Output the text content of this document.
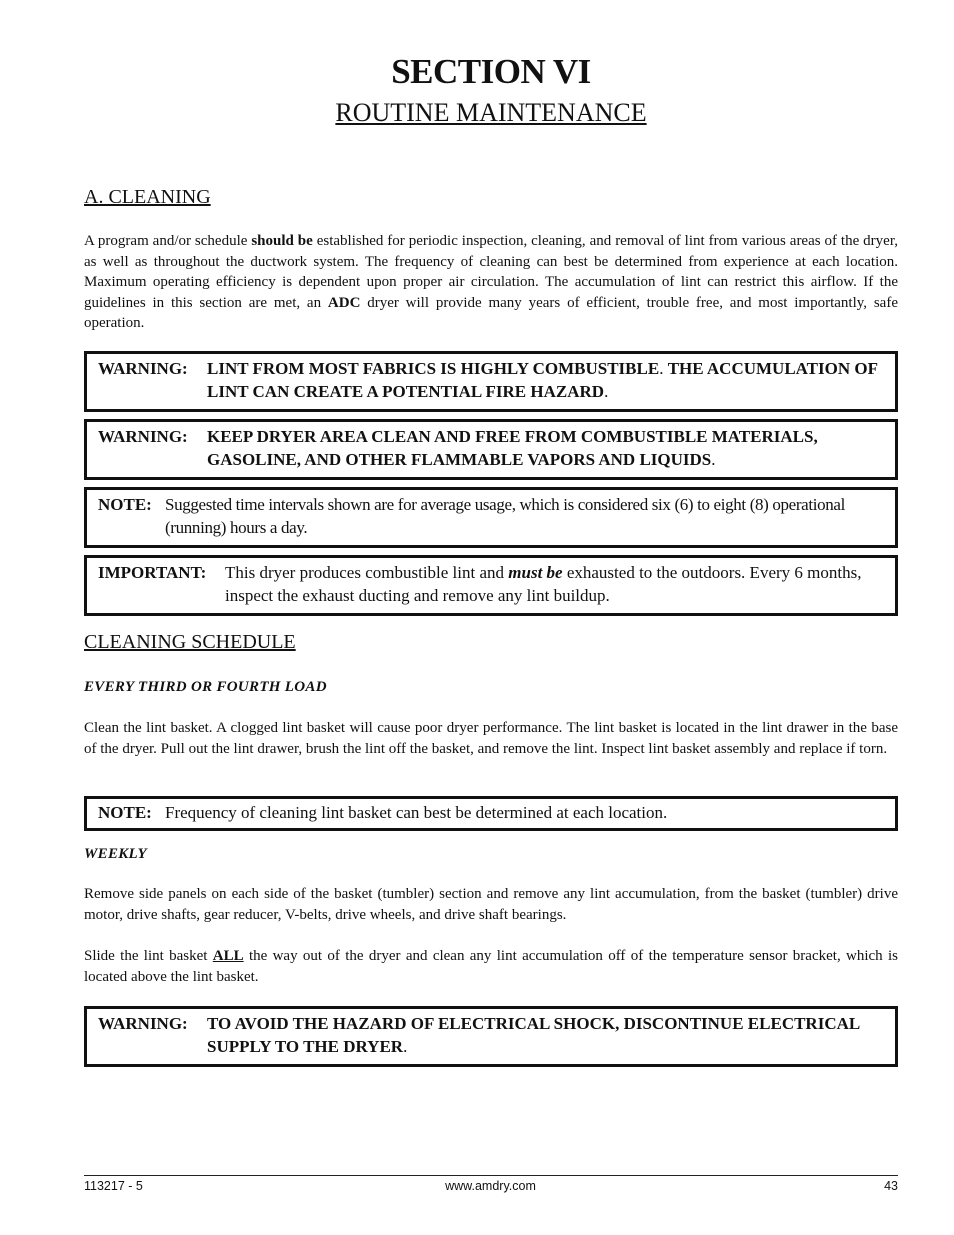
SECTION VI
ROUTINE MAINTENANCE
A. CLEANING
A program and/or schedule should be established for periodic inspection, cleaning, and removal of lint from various areas of the dryer, as well as throughout the ductwork system. The frequency of cleaning can best be determined from experience at each location. Maximum operating efficiency is dependent upon proper air circulation. The accumulation of lint can restrict this airflow. If the guidelines in this section are met, an ADC dryer will provide many years of efficient, trouble free, and most importantly, safe operation.
WARNING:	LINT FROM MOST FABRICS IS HIGHLY COMBUSTIBLE. THE ACCUMULATION OF LINT CAN CREATE A POTENTIAL FIRE HAZARD.
WARNING:	KEEP DRYER AREA CLEAN AND FREE FROM COMBUSTIBLE MATERIALS, GASOLINE, AND OTHER FLAMMABLE VAPORS AND LIQUIDS.
NOTE: Suggested time intervals shown are for average usage, which is considered six (6) to eight (8) operational (running) hours a day.
IMPORTANT:	This dryer produces combustible lint and must be exhausted to the outdoors. Every 6 months, inspect the exhaust ducting and remove any lint buildup.
CLEANING SCHEDULE
EVERY THIRD OR FOURTH LOAD
Clean the lint basket. A clogged lint basket will cause poor dryer performance. The lint basket is located in the lint drawer in the base of the dryer. Pull out the lint drawer, brush the lint off the basket, and remove the lint. Inspect lint basket assembly and replace if torn.
NOTE: Frequency of cleaning lint basket can best be determined at each location.
WEEKLY
Remove side panels on each side of the basket (tumbler) section and remove any lint accumulation, from the basket (tumbler) drive motor, drive shafts, gear reducer, V-belts, drive wheels, and drive shaft bearings.
Slide the lint basket ALL the way out of the dryer and clean any lint accumulation off of the temperature sensor bracket, which is located above the lint basket.
WARNING:	TO AVOID THE HAZARD OF ELECTRICAL SHOCK, DISCONTINUE ELECTRICAL SUPPLY TO THE DRYER.
113217 - 5	www.amdry.com	43
